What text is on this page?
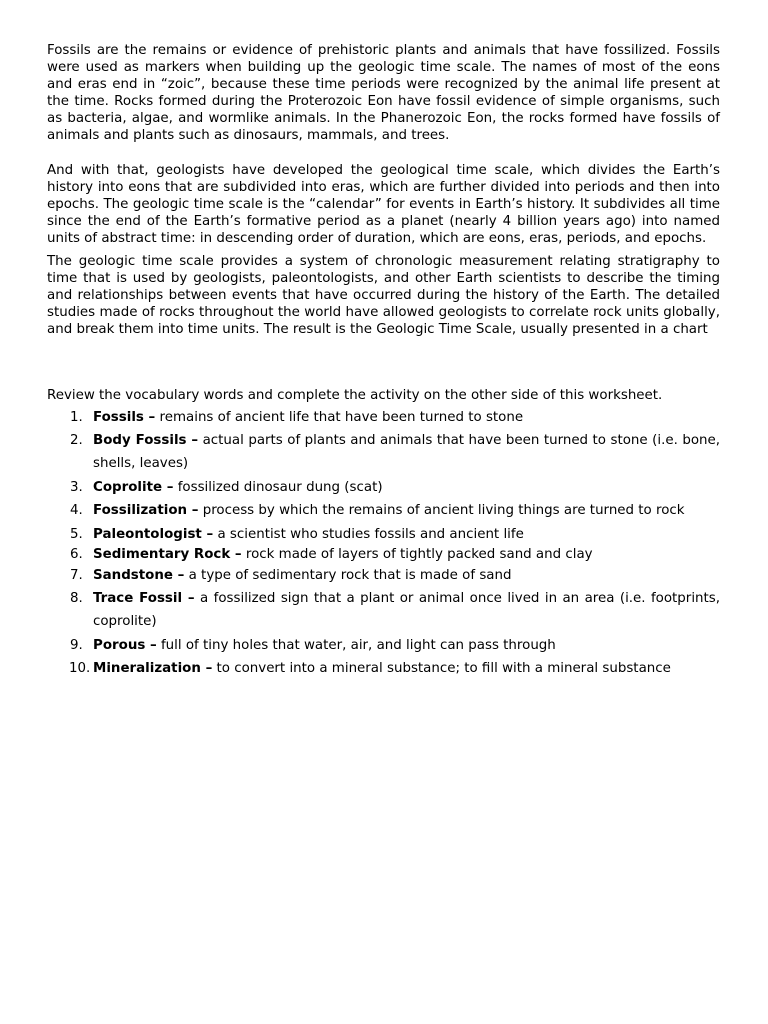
Fossils are the remains or evidence of prehistoric plants and animals that have fossilized. Fossils were used as markers when building up the geologic time scale. The names of most of the eons and eras end in “zoic”, because these time periods were recognized by the animal life present at the time. Rocks formed during the Proterozoic Eon have fossil evidence of simple organisms, such as bacteria, algae, and wormlike animals. In the Phanerozoic Eon, the rocks formed have fossils of animals and plants such as dinosaurs, mammals, and trees.

And with that, geologists have developed the geological time scale, which divides the Earth’s history into eons that are subdivided into eras, which are further divided into periods and then into epochs. The geologic time scale is the “calendar” for events in Earth’s history. It subdivides all time since the end of the Earth’s formative period as a planet (nearly 4 billion years ago) into named units of abstract time: in descending order of duration, which are eons, eras, periods, and epochs.

The geologic time scale provides a system of chronologic measurement relating stratigraphy to time that is used by geologists, paleontologists, and other Earth scientists to describe the timing and relationships between events that have occurred during the history of the Earth. The detailed studies made of rocks throughout the world have allowed geologists to correlate rock units globally, and break them into time units. The result is the Geologic Time Scale, usually presented in a chart

Review the vocabulary words and complete the activity on the other side of this worksheet.

1. Fossils – remains of ancient life that have been turned to stone
2. Body Fossils – actual parts of plants and animals that have been turned to stone (i.e. bone, shells, leaves)
3. Coprolite – fossilized dinosaur dung (scat)
4. Fossilization – process by which the remains of ancient living things are turned to rock
5. Paleontologist – a scientist who studies fossils and ancient life
6. Sedimentary Rock – rock made of layers of tightly packed sand and clay
7. Sandstone – a type of sedimentary rock that is made of sand
8. Trace Fossil – a fossilized sign that a plant or animal once lived in an area (i.e. footprints, coprolite)
9. Porous – full of tiny holes that water, air, and light can pass through
10. Mineralization – to convert into a mineral substance; to fill with a mineral substance
